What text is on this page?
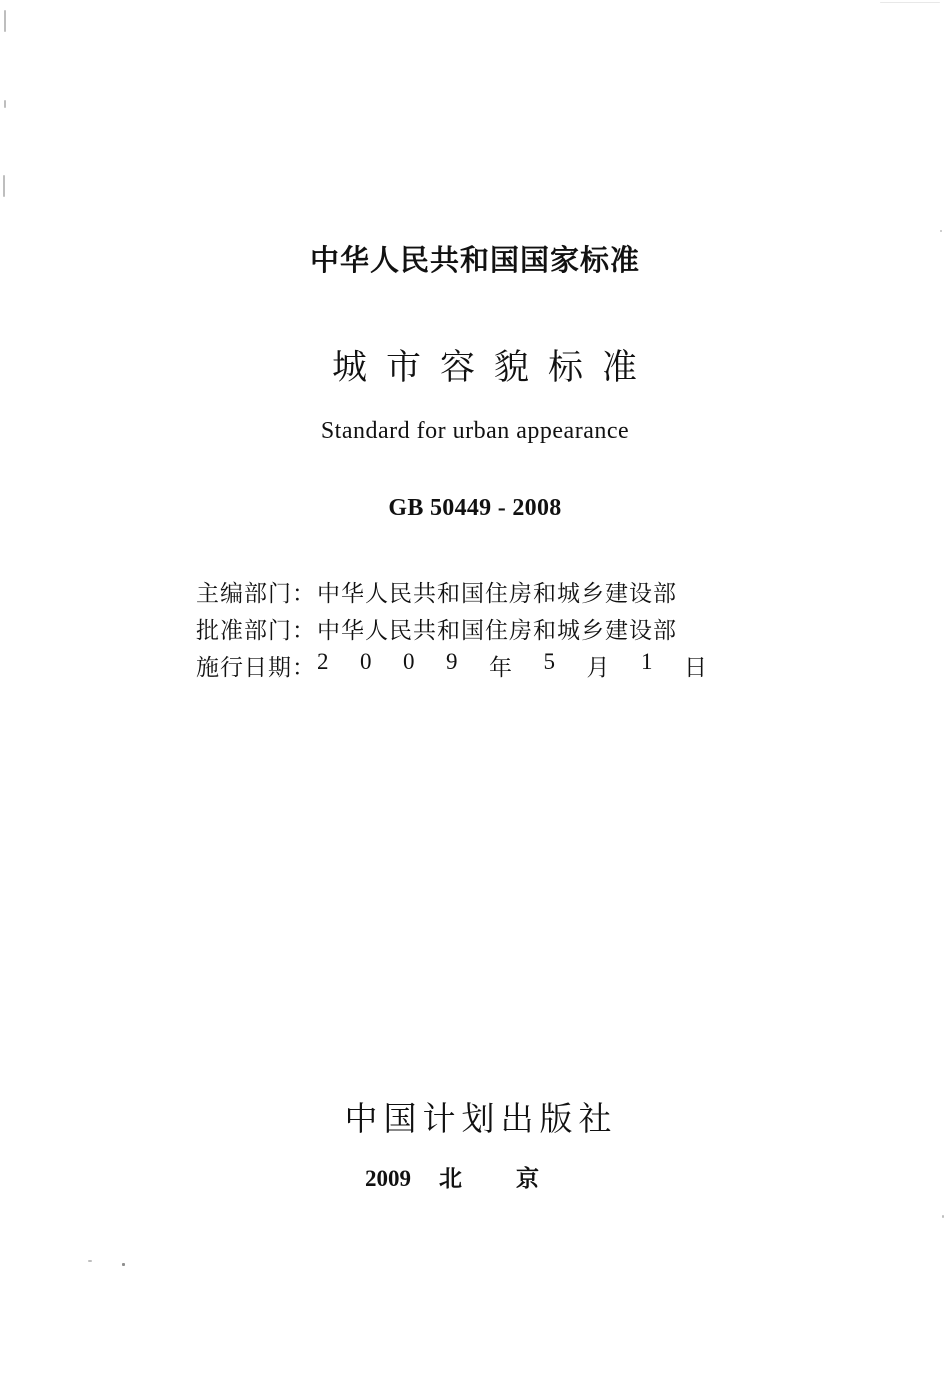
中华人民共和国国家标准
城市容貌标准
Standard for urban appearance
GB 50449 - 2008
主编部门 ： 中华人民共和国住房和城乡建设部
批准部门 ： 中华人民共和国住房和城乡建设部
施行日期 ： 2 0 0 9 年 5 月 1 日
中国计划出版社
2009 北京
